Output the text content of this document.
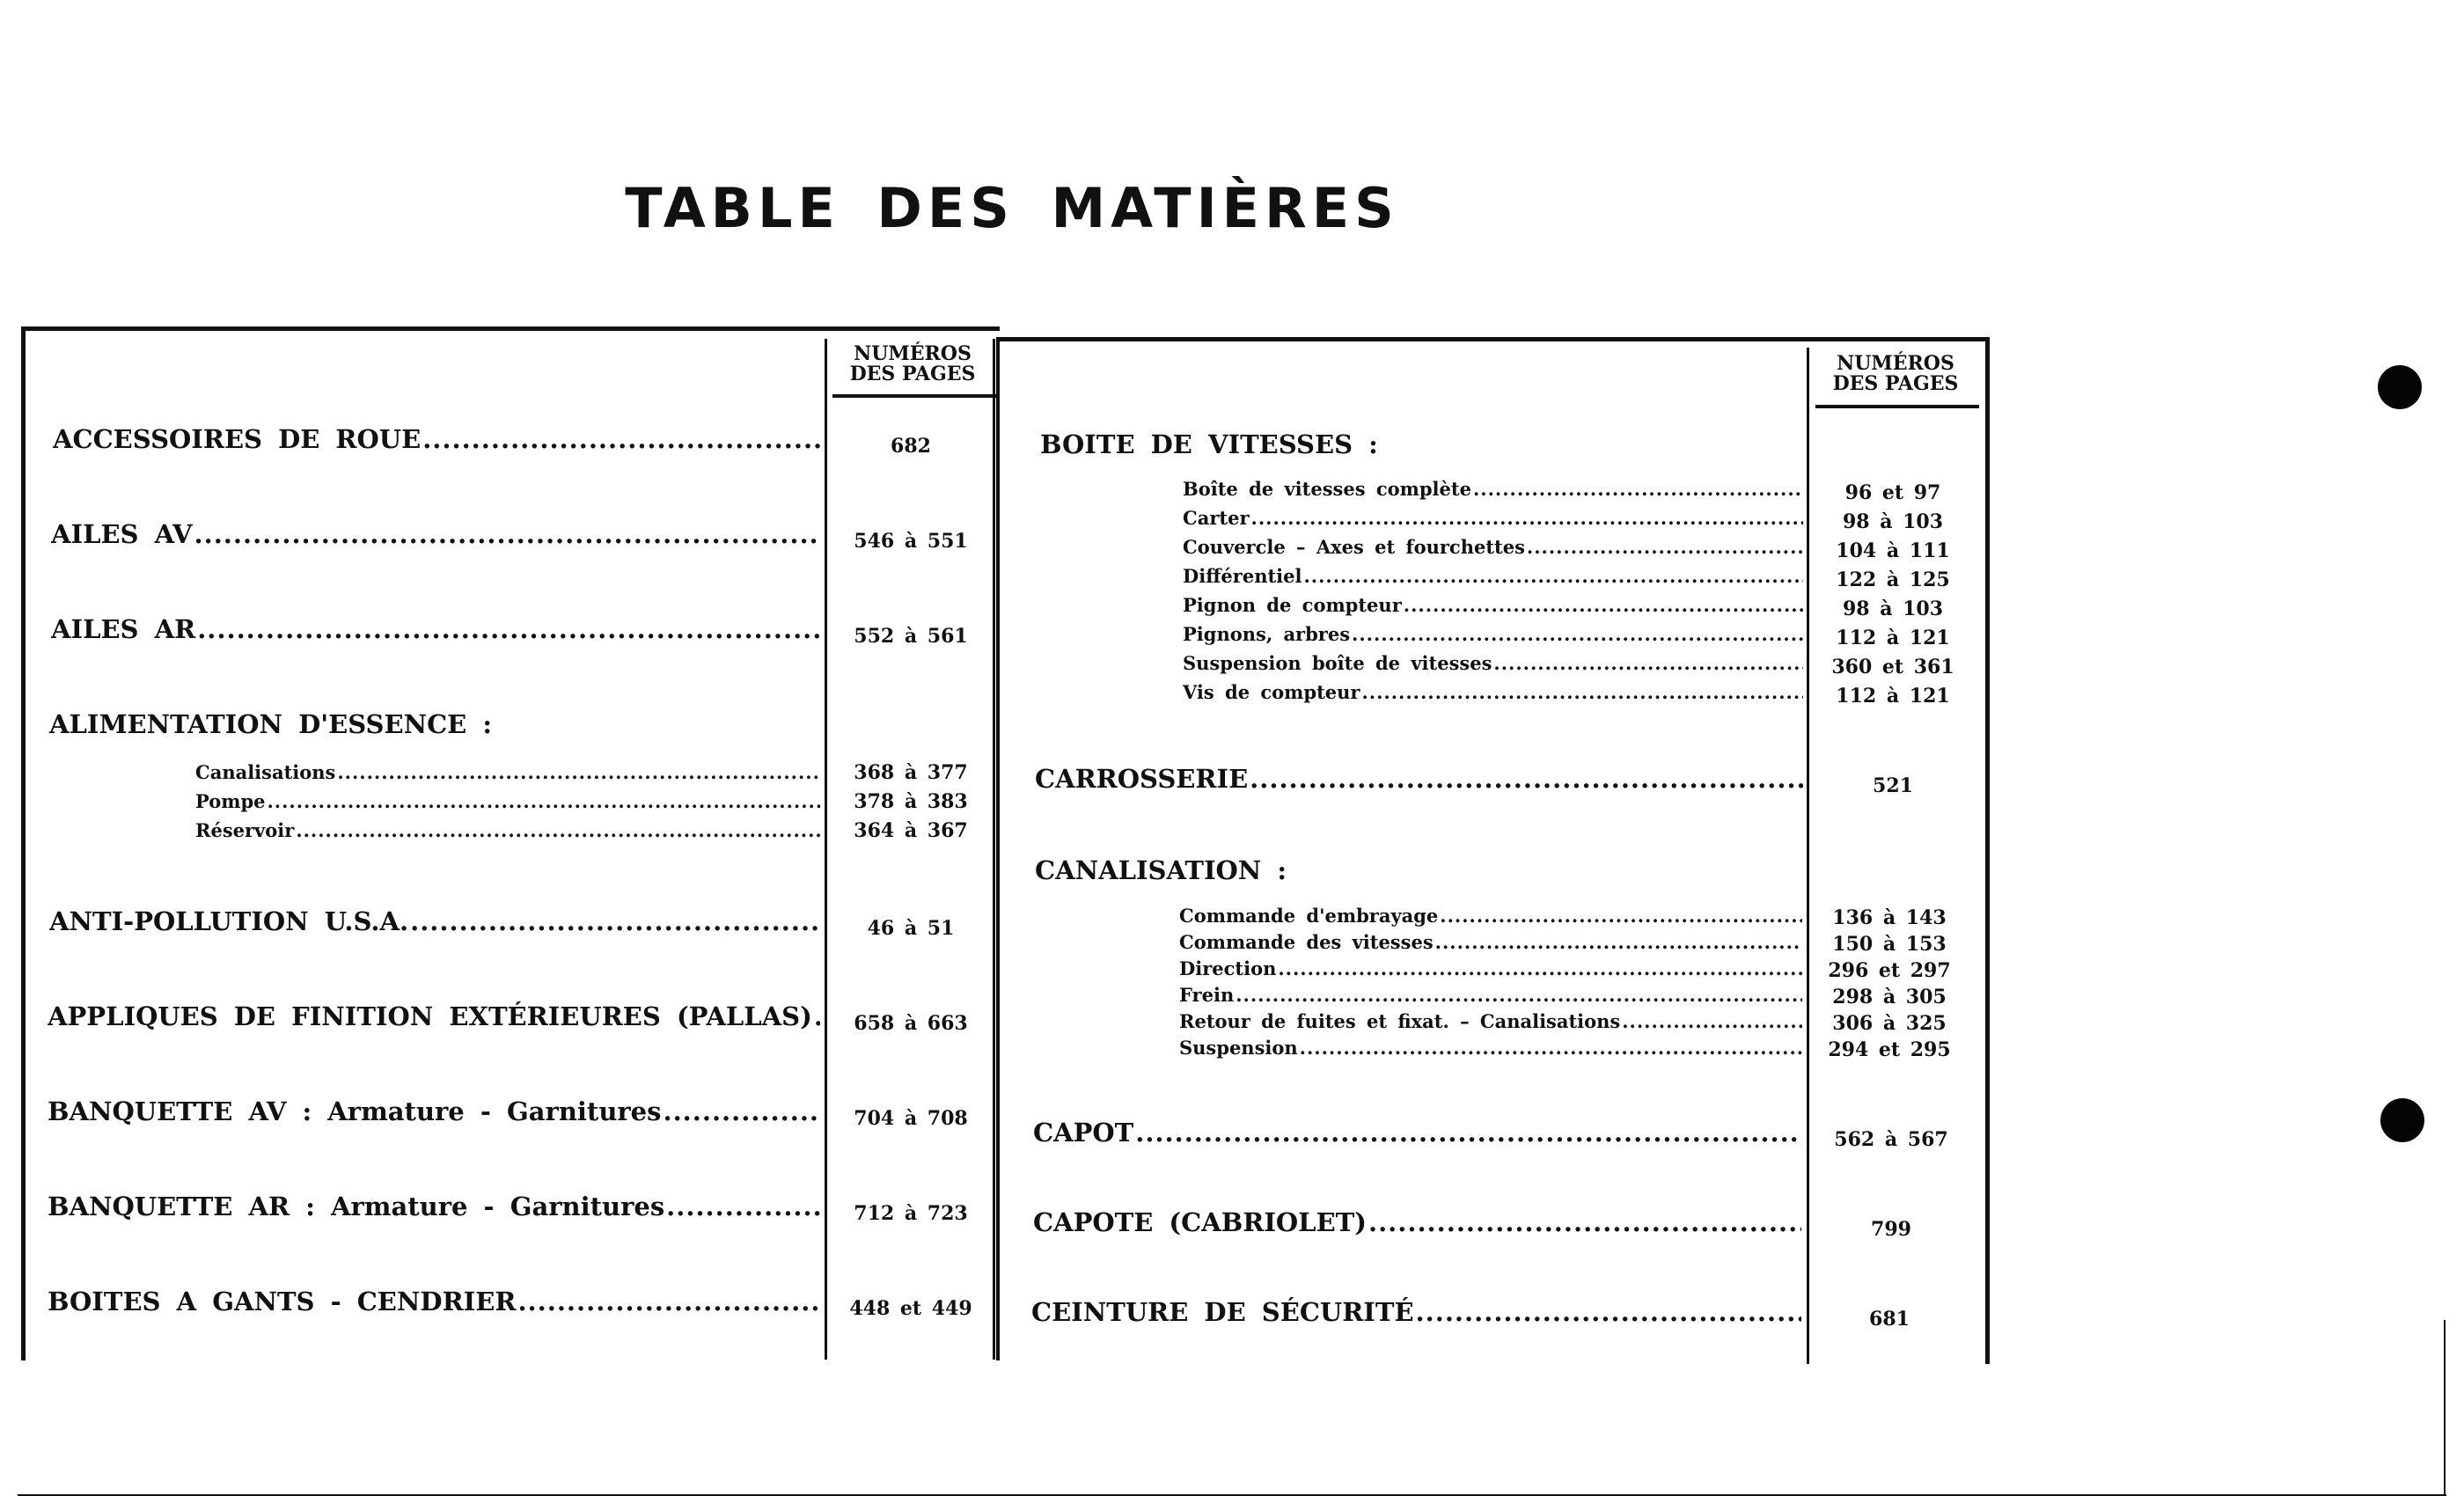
TABLE DES MATIÈRES
NUMÉROS
DES PAGES	NUMÉROS
DES PAGES
ACCESSOIRES DE ROUE .....	682
AILES AV .....	546 à 551
AILES AR .....	552 à 561
ALIMENTATION D'ESSENCE :
Canalisations .....	368 à 377
Pompe .....	378 à 383
Réservoir .....	364 à 367
ANTI-POLLUTION U.S.A. .....	46 à 51
APPLIQUES DE FINITION EXTÉRIEURES (PALLAS) .....	658 à 663
BANQUETTE AV : Armature - Garnitures .....	704 à 708
BANQUETTE AR : Armature - Garnitures .....	712 à 723
BOITES A GANTS - CENDRIER .....	448 et 449
BOITE DE VITESSES :
Boîte de vitesses complète .....	96 et 97
Carter .....	98 à 103
Couvercle – Axes et fourchettes .....	104 à 111
Différentiel .....	122 à 125
Pignon de compteur .....	98 à 103
Pignons, arbres .....	112 à 121
Suspension boîte de vitesses .....	360 et 361
Vis de compteur .....	112 à 121
CARROSSERIE .....	521
CANALISATION :
Commande d'embrayage .....	136 à 143
Commande des vitesses .....	150 à 153
Direction .....	296 et 297
Frein .....	298 à 305
Retour de fuites et fixat. – Canalisations .....	306 à 325
Suspension .....	294 et 295
CAPOT .....	562 à 567
CAPOTE (CABRIOLET) .....	799
CEINTURE DE SÉCURITÉ .....	681
